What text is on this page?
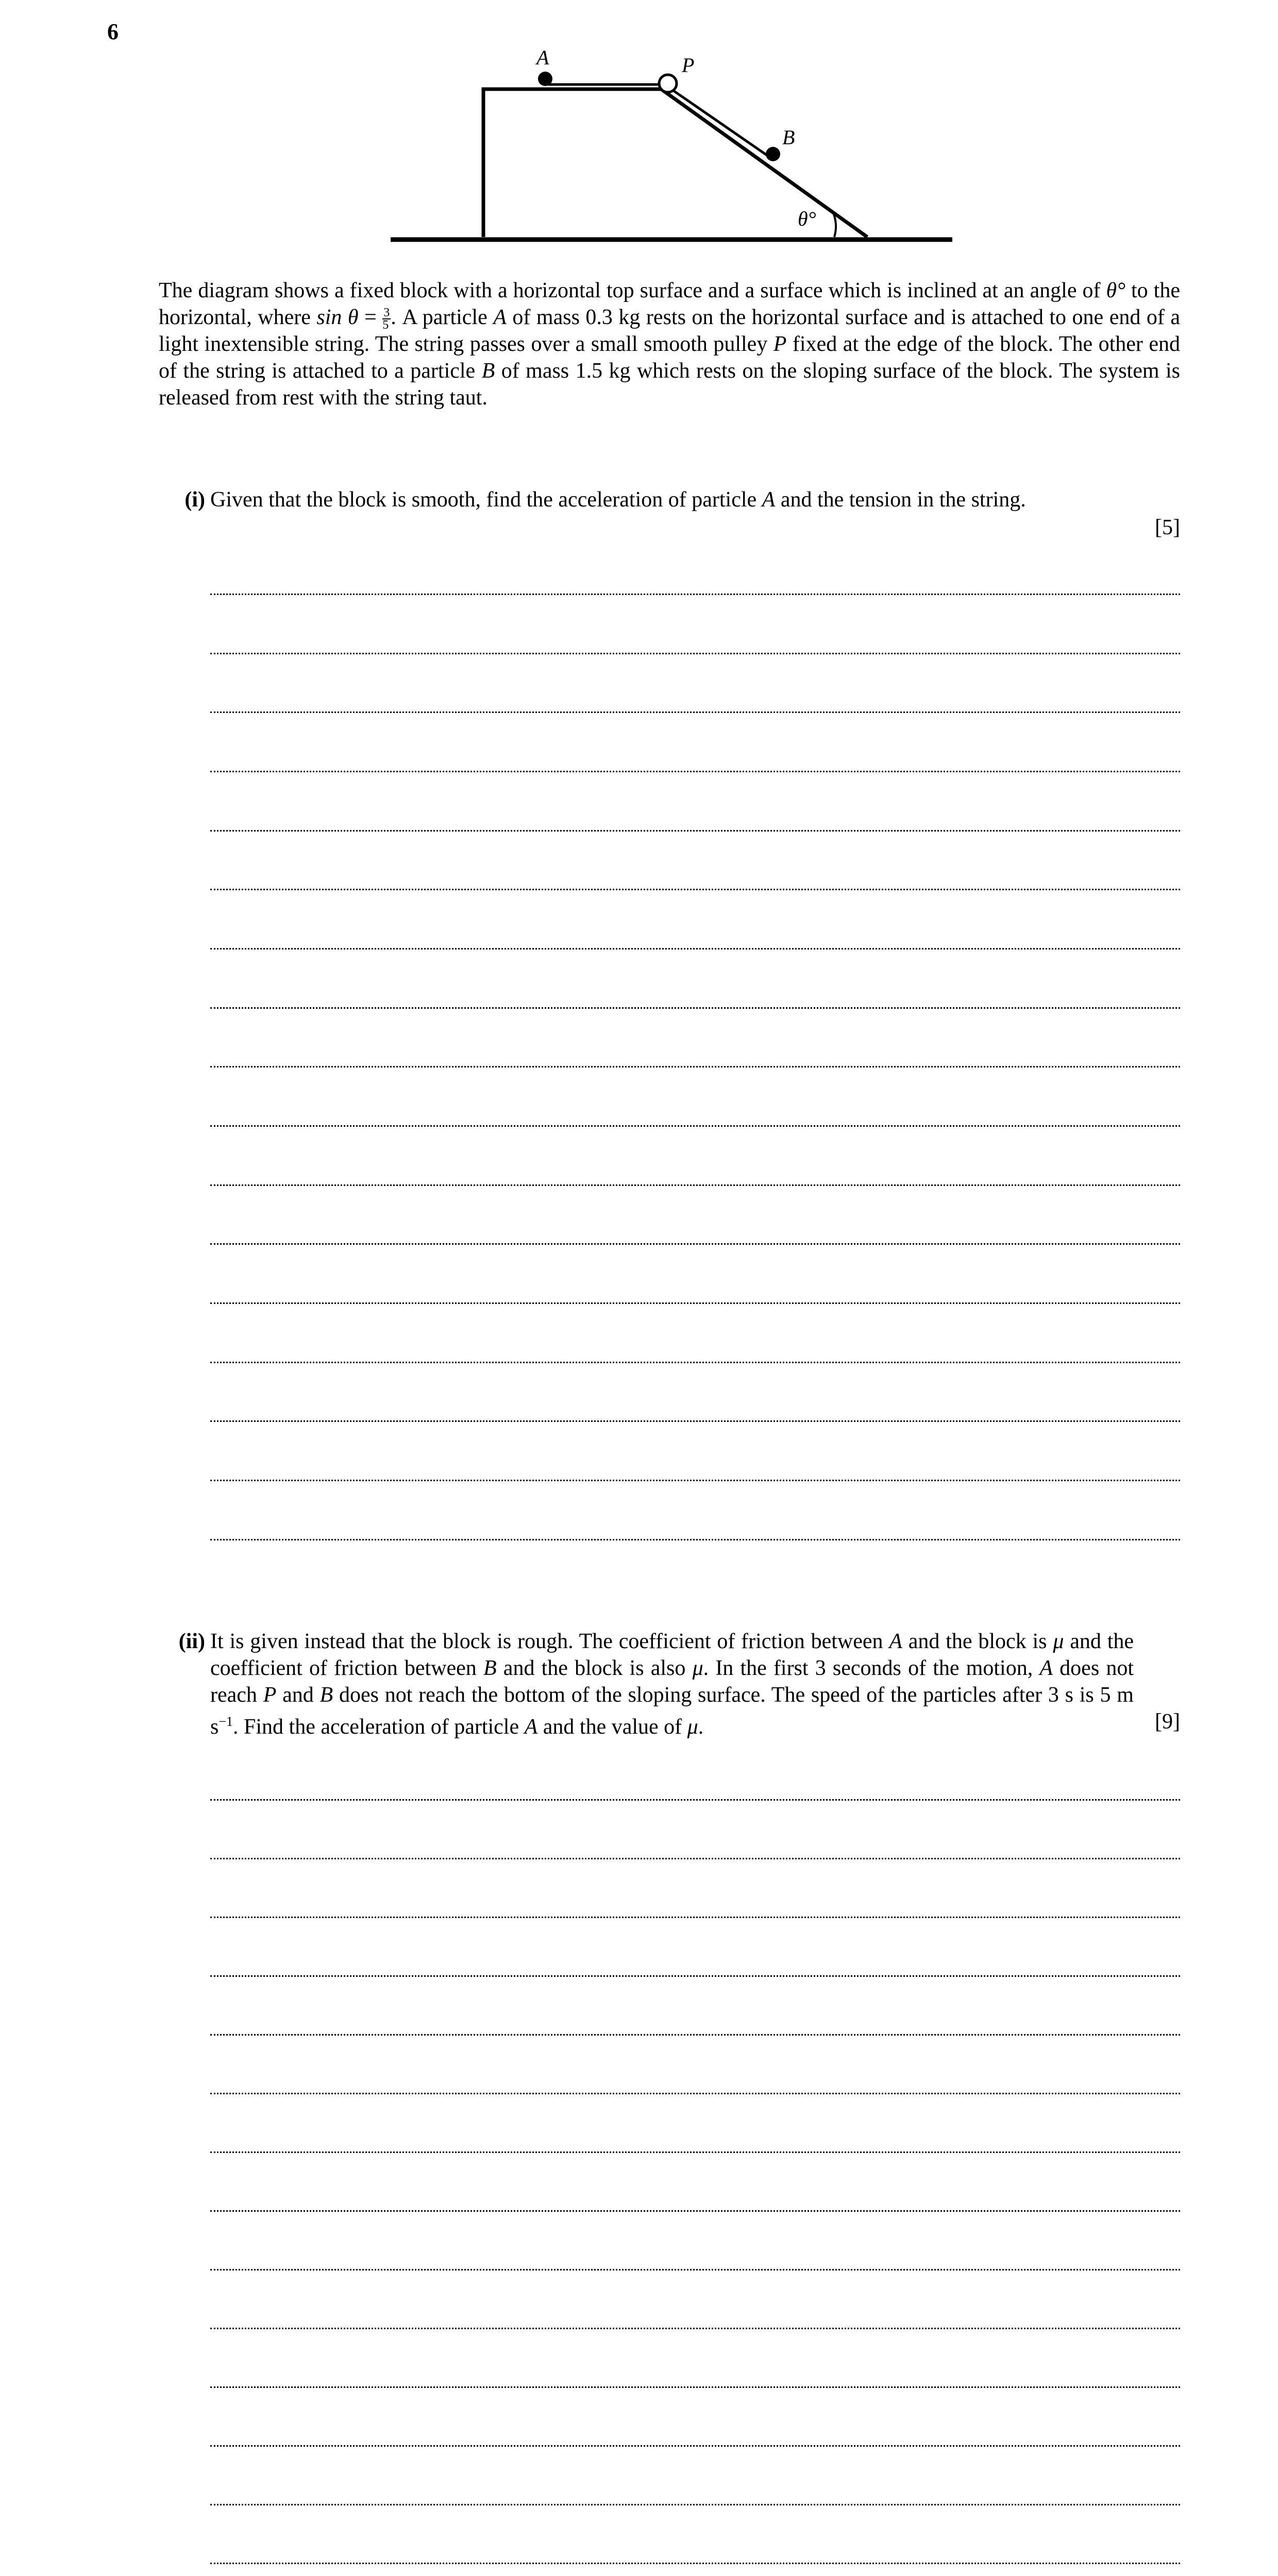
6
A	P
B
θ°

The diagram shows a fixed block with a horizontal top surface and a surface which is inclined at an angle of θ° to the horizontal, where $\sin \theta = \frac{3}{5}$ . A particle A of mass 0.3 kg rests on the horizontal surface and is attached to one end of a light inextensible string. The string passes over a small smooth pulley P fixed at the edge of the block. The other end of the string is attached to a particle B of mass 1.5 kg which rests on the sloping surface of the block. The system is released from rest with the string taut.

(i) Given that the block is smooth, find the acceleration of particle A and the tension in the string.
[5]
(ii) It is given instead that the block is rough. The coefficient of friction between A and the block is μ and the coefficient of friction between B and the block is also μ. In the first 3 seconds of the motion, A does not reach P and B does not reach the bottom of the sloping surface. The speed of the particles after 3 s is 5 m $s^{-1}$. Find the acceleration of particle A and the value of μ.	[9]
